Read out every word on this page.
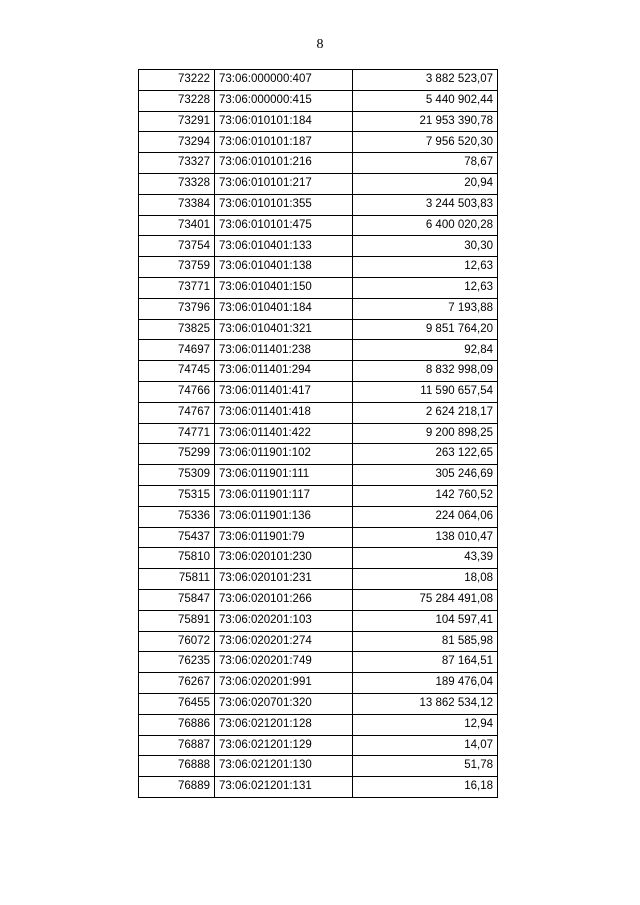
8
73222	73:06:000000:407	3 882 523,07
73228	73:06:000000:415	5 440 902,44
73291	73:06:010101:184	21 953 390,78
73294	73:06:010101:187	7 956 520,30
73327	73:06:010101:216	78,67
73328	73:06:010101:217	20,94
73384	73:06:010101:355	3 244 503,83
73401	73:06:010101:475	6 400 020,28
73754	73:06:010401:133	30,30
73759	73:06:010401:138	12,63
73771	73:06:010401:150	12,63
73796	73:06:010401:184	7 193,88
73825	73:06:010401:321	9 851 764,20
74697	73:06:011401:238	92,84
74745	73:06:011401:294	8 832 998,09
74766	73:06:011401:417	11 590 657,54
74767	73:06:011401:418	2 624 218,17
74771	73:06:011401:422	9 200 898,25
75299	73:06:011901:102	263 122,65
75309	73:06:011901:111	305 246,69
75315	73:06:011901:117	142 760,52
75336	73:06:011901:136	224 064,06
75437	73:06:011901:79	138 010,47
75810	73:06:020101:230	43,39
75811	73:06:020101:231	18,08
75847	73:06:020101:266	75 284 491,08
75891	73:06:020201:103	104 597,41
76072	73:06:020201:274	81 585,98
76235	73:06:020201:749	87 164,51
76267	73:06:020201:991	189 476,04
76455	73:06:020701:320	13 862 534,12
76886	73:06:021201:128	12,94
76887	73:06:021201:129	14,07
76888	73:06:021201:130	51,78
76889	73:06:021201:131	16,18
